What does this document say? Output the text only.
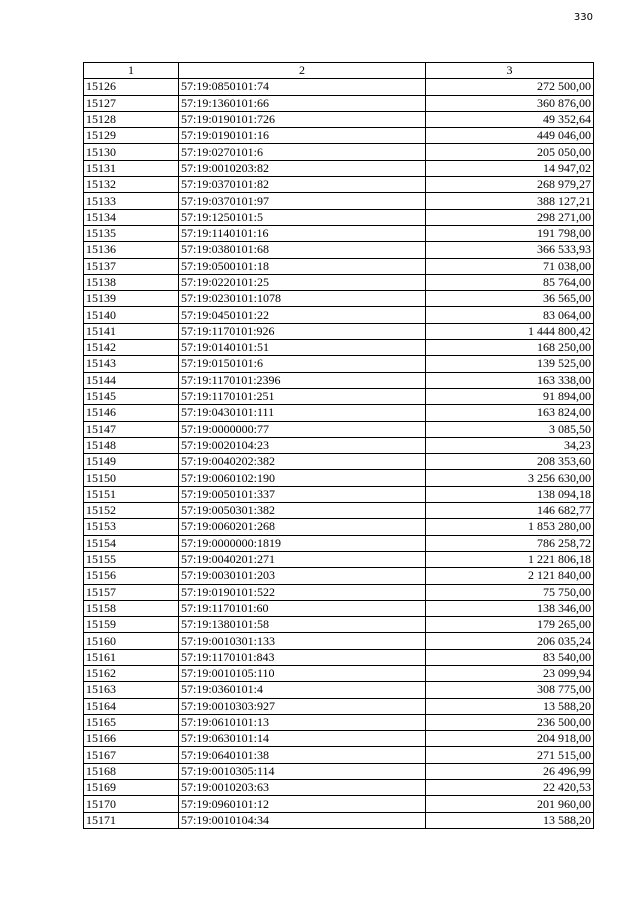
330
1	2	3
15126	57:19:0850101:74	272 500,00
15127	57:19:1360101:66	360 876,00
15128	57:19:0190101:726	49 352,64
15129	57:19:0190101:16	449 046,00
15130	57:19:0270101:6	205 050,00
15131	57:19:0010203:82	14 947,02
15132	57:19:0370101:82	268 979,27
15133	57:19:0370101:97	388 127,21
15134	57:19:1250101:5	298 271,00
15135	57:19:1140101:16	191 798,00
15136	57:19:0380101:68	366 533,93
15137	57:19:0500101:18	71 038,00
15138	57:19:0220101:25	85 764,00
15139	57:19:0230101:1078	36 565,00
15140	57:19:0450101:22	83 064,00
15141	57:19:1170101:926	1 444 800,42
15142	57:19:0140101:51	168 250,00
15143	57:19:0150101:6	139 525,00
15144	57:19:1170101:2396	163 338,00
15145	57:19:1170101:251	91 894,00
15146	57:19:0430101:111	163 824,00
15147	57:19:0000000:77	3 085,50
15148	57:19:0020104:23	34,23
15149	57:19:0040202:382	208 353,60
15150	57:19:0060102:190	3 256 630,00
15151	57:19:0050101:337	138 094,18
15152	57:19:0050301:382	146 682,77
15153	57:19:0060201:268	1 853 280,00
15154	57:19:0000000:1819	786 258,72
15155	57:19:0040201:271	1 221 806,18
15156	57:19:0030101:203	2 121 840,00
15157	57:19:0190101:522	75 750,00
15158	57:19:1170101:60	138 346,00
15159	57:19:1380101:58	179 265,00
15160	57:19:0010301:133	206 035,24
15161	57:19:1170101:843	83 540,00
15162	57:19:0010105:110	23 099,94
15163	57:19:0360101:4	308 775,00
15164	57:19:0010303:927	13 588,20
15165	57:19:0610101:13	236 500,00
15166	57:19:0630101:14	204 918,00
15167	57:19:0640101:38	271 515,00
15168	57:19:0010305:114	26 496,99
15169	57:19:0010203:63	22 420,53
15170	57:19:0960101:12	201 960,00
15171	57:19:0010104:34	13 588,20
